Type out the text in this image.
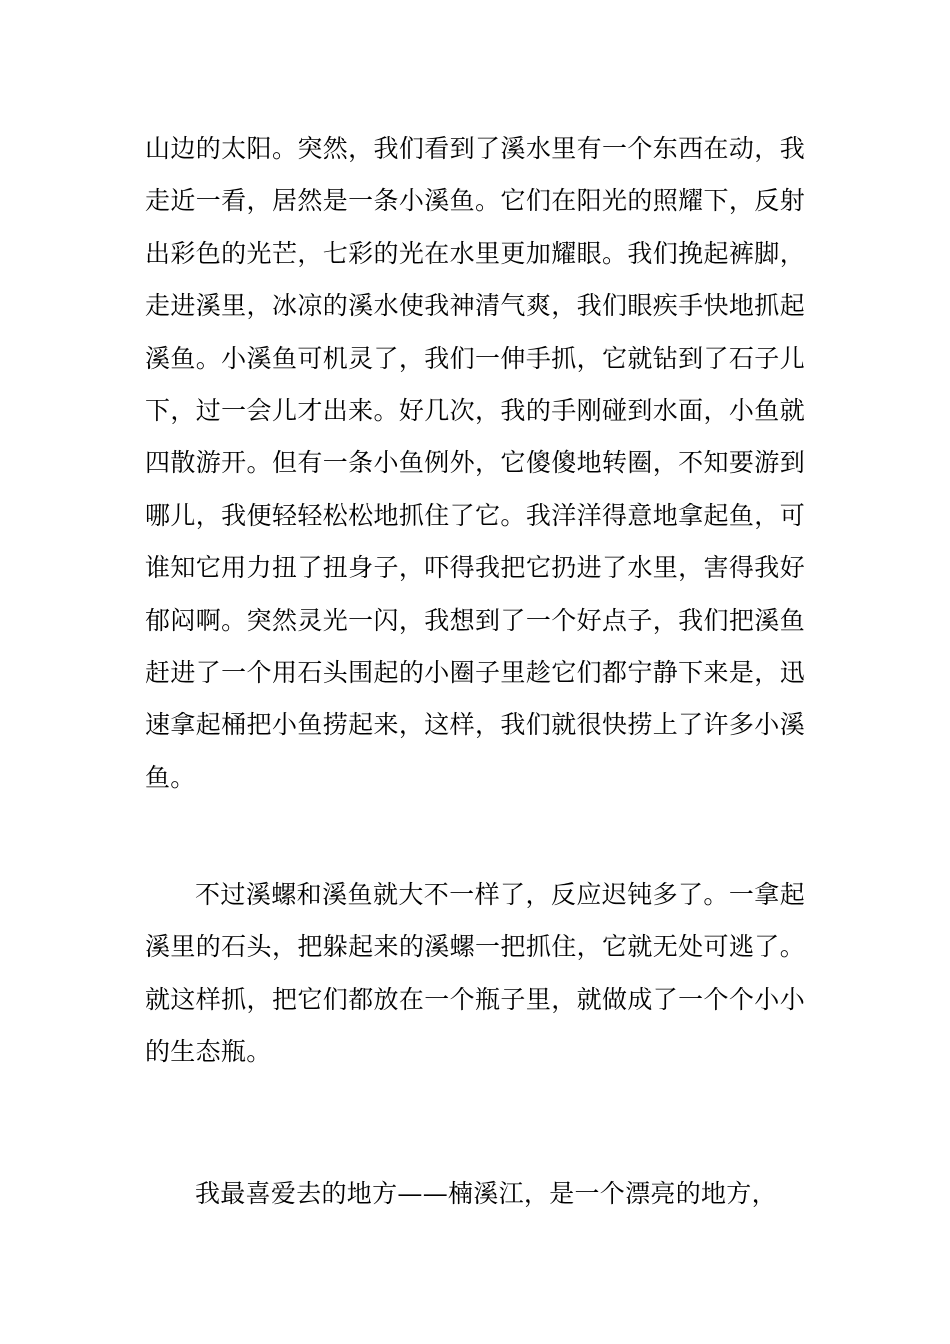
山边的太阳。突然，我们看到了溪水里有一个东西在动，我走近一看，居然是一条小溪鱼。它们在阳光的照耀下，反射出彩色的光芒，七彩的光在水里更加耀眼。我们挽起裤脚，走进溪里，冰凉的溪水使我神清气爽，我们眼疾手快地抓起溪鱼。小溪鱼可机灵了，我们一伸手抓，它就钻到了石子儿下，过一会儿才出来。好几次，我的手刚碰到水面，小鱼就四散游开。但有一条小鱼例外，它傻傻地转圈，不知要游到哪儿，我便轻轻松松地抓住了它。我洋洋得意地拿起鱼，可谁知它用力扭了扭身子，吓得我把它扔进了水里，害得我好郁闷啊。突然灵光一闪，我想到了一个好点子，我们把溪鱼赶进了一个用石头围起的小圈子里趁它们都宁静下来是，迅速拿起桶把小鱼捞起来，这样，我们就很快捞上了许多小溪鱼。

不过溪螺和溪鱼就大不一样了，反应迟钝多了。一拿起溪里的石头，把躲起来的溪螺一把抓住，它就无处可逃了。就这样抓，把它们都放在一个瓶子里，就做成了一个个小小的生态瓶。

我最喜爱去的地方——楠溪江，是一个漂亮的地方，
